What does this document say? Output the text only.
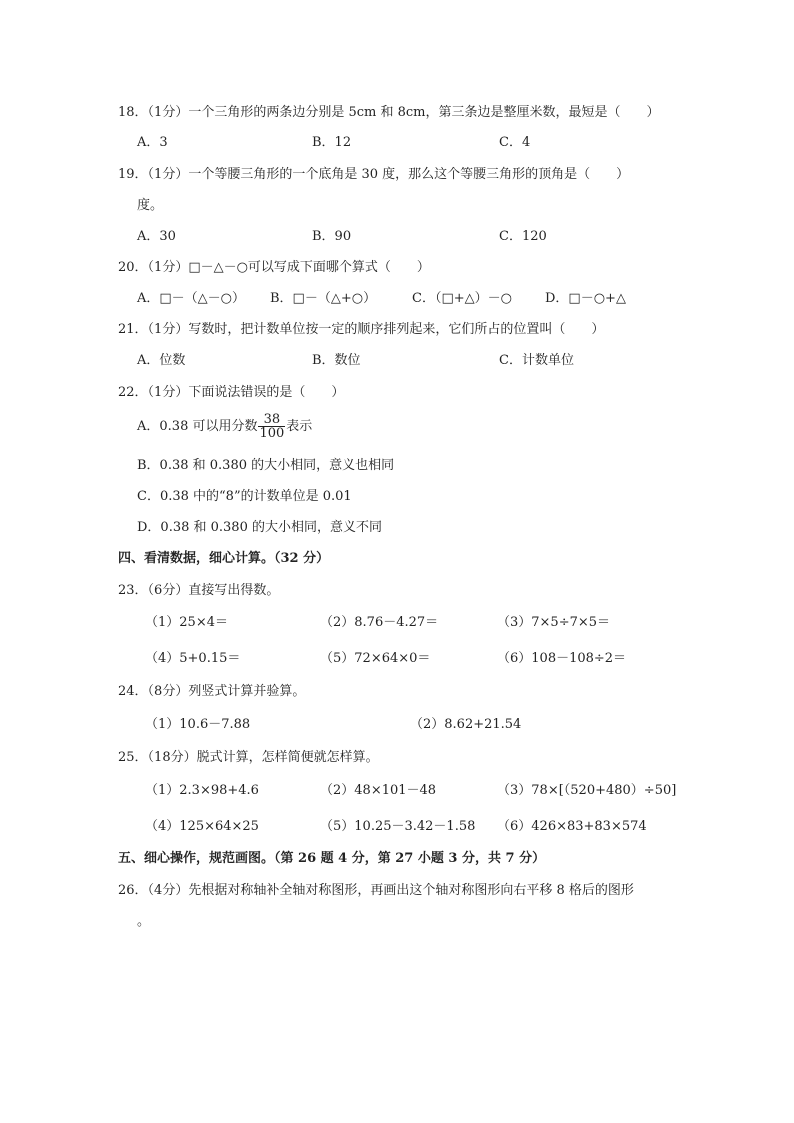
18．（1分）一个三角形的两条边分别是 5cm 和 8cm，第三条边是整厘米数，最短是（　　）
A．3	B．12	C．4
19．（1分）一个等腰三角形的一个底角是 30 度，那么这个等腰三角形的顶角是（　　）
度。
A．30	B．90	C．120
20．（1分）□－△－○可以写成下面哪个算式（　　）
A．□－（△－○） B．□－（△+○）	C．（□+△）－○	D．□－○+△
21．（1分）写数时，把计数单位按一定的顺序排列起来，它们所占的位置叫（　　）
A．位数	B．数位	C．计数单位
22．（1分）下面说法错误的是（　　）
A．0.38 可以用分数 $\frac{38}{100}$ 表示
B．0.38 和 0.380 的大小相同，意义也相同
C．0.38 中的“8”的计数单位是 0.01
D．0.38 和 0.380 的大小相同，意义不同
四、看清数据，细心计算。（32 分）
23．（6分）直接写出得数。
（1）25×4＝	（2）8.76－4.27＝	（3）7×5÷7×5＝
（4）5+0.15＝	（5）72×64×0＝	（6）108－108÷2＝
24．（8分）列竖式计算并验算。
（1）10.6－7.88	（2）8.62+21.54
25．（18分）脱式计算，怎样简便就怎样算。
（1）2.3×98+4.6	（2）48×101－48	（3）78×[（520+480）÷50]
（4）125×64×25	（5）10.25－3.42－1.58 （6）426×83+83×574
五、细心操作，规范画图。（第 26 题 4 分，第 27 小题 3 分，共 7 分）
26．（4分）先根据对称轴补全轴对称图形，再画出这个轴对称图形向右平移 8 格后的图形
。
